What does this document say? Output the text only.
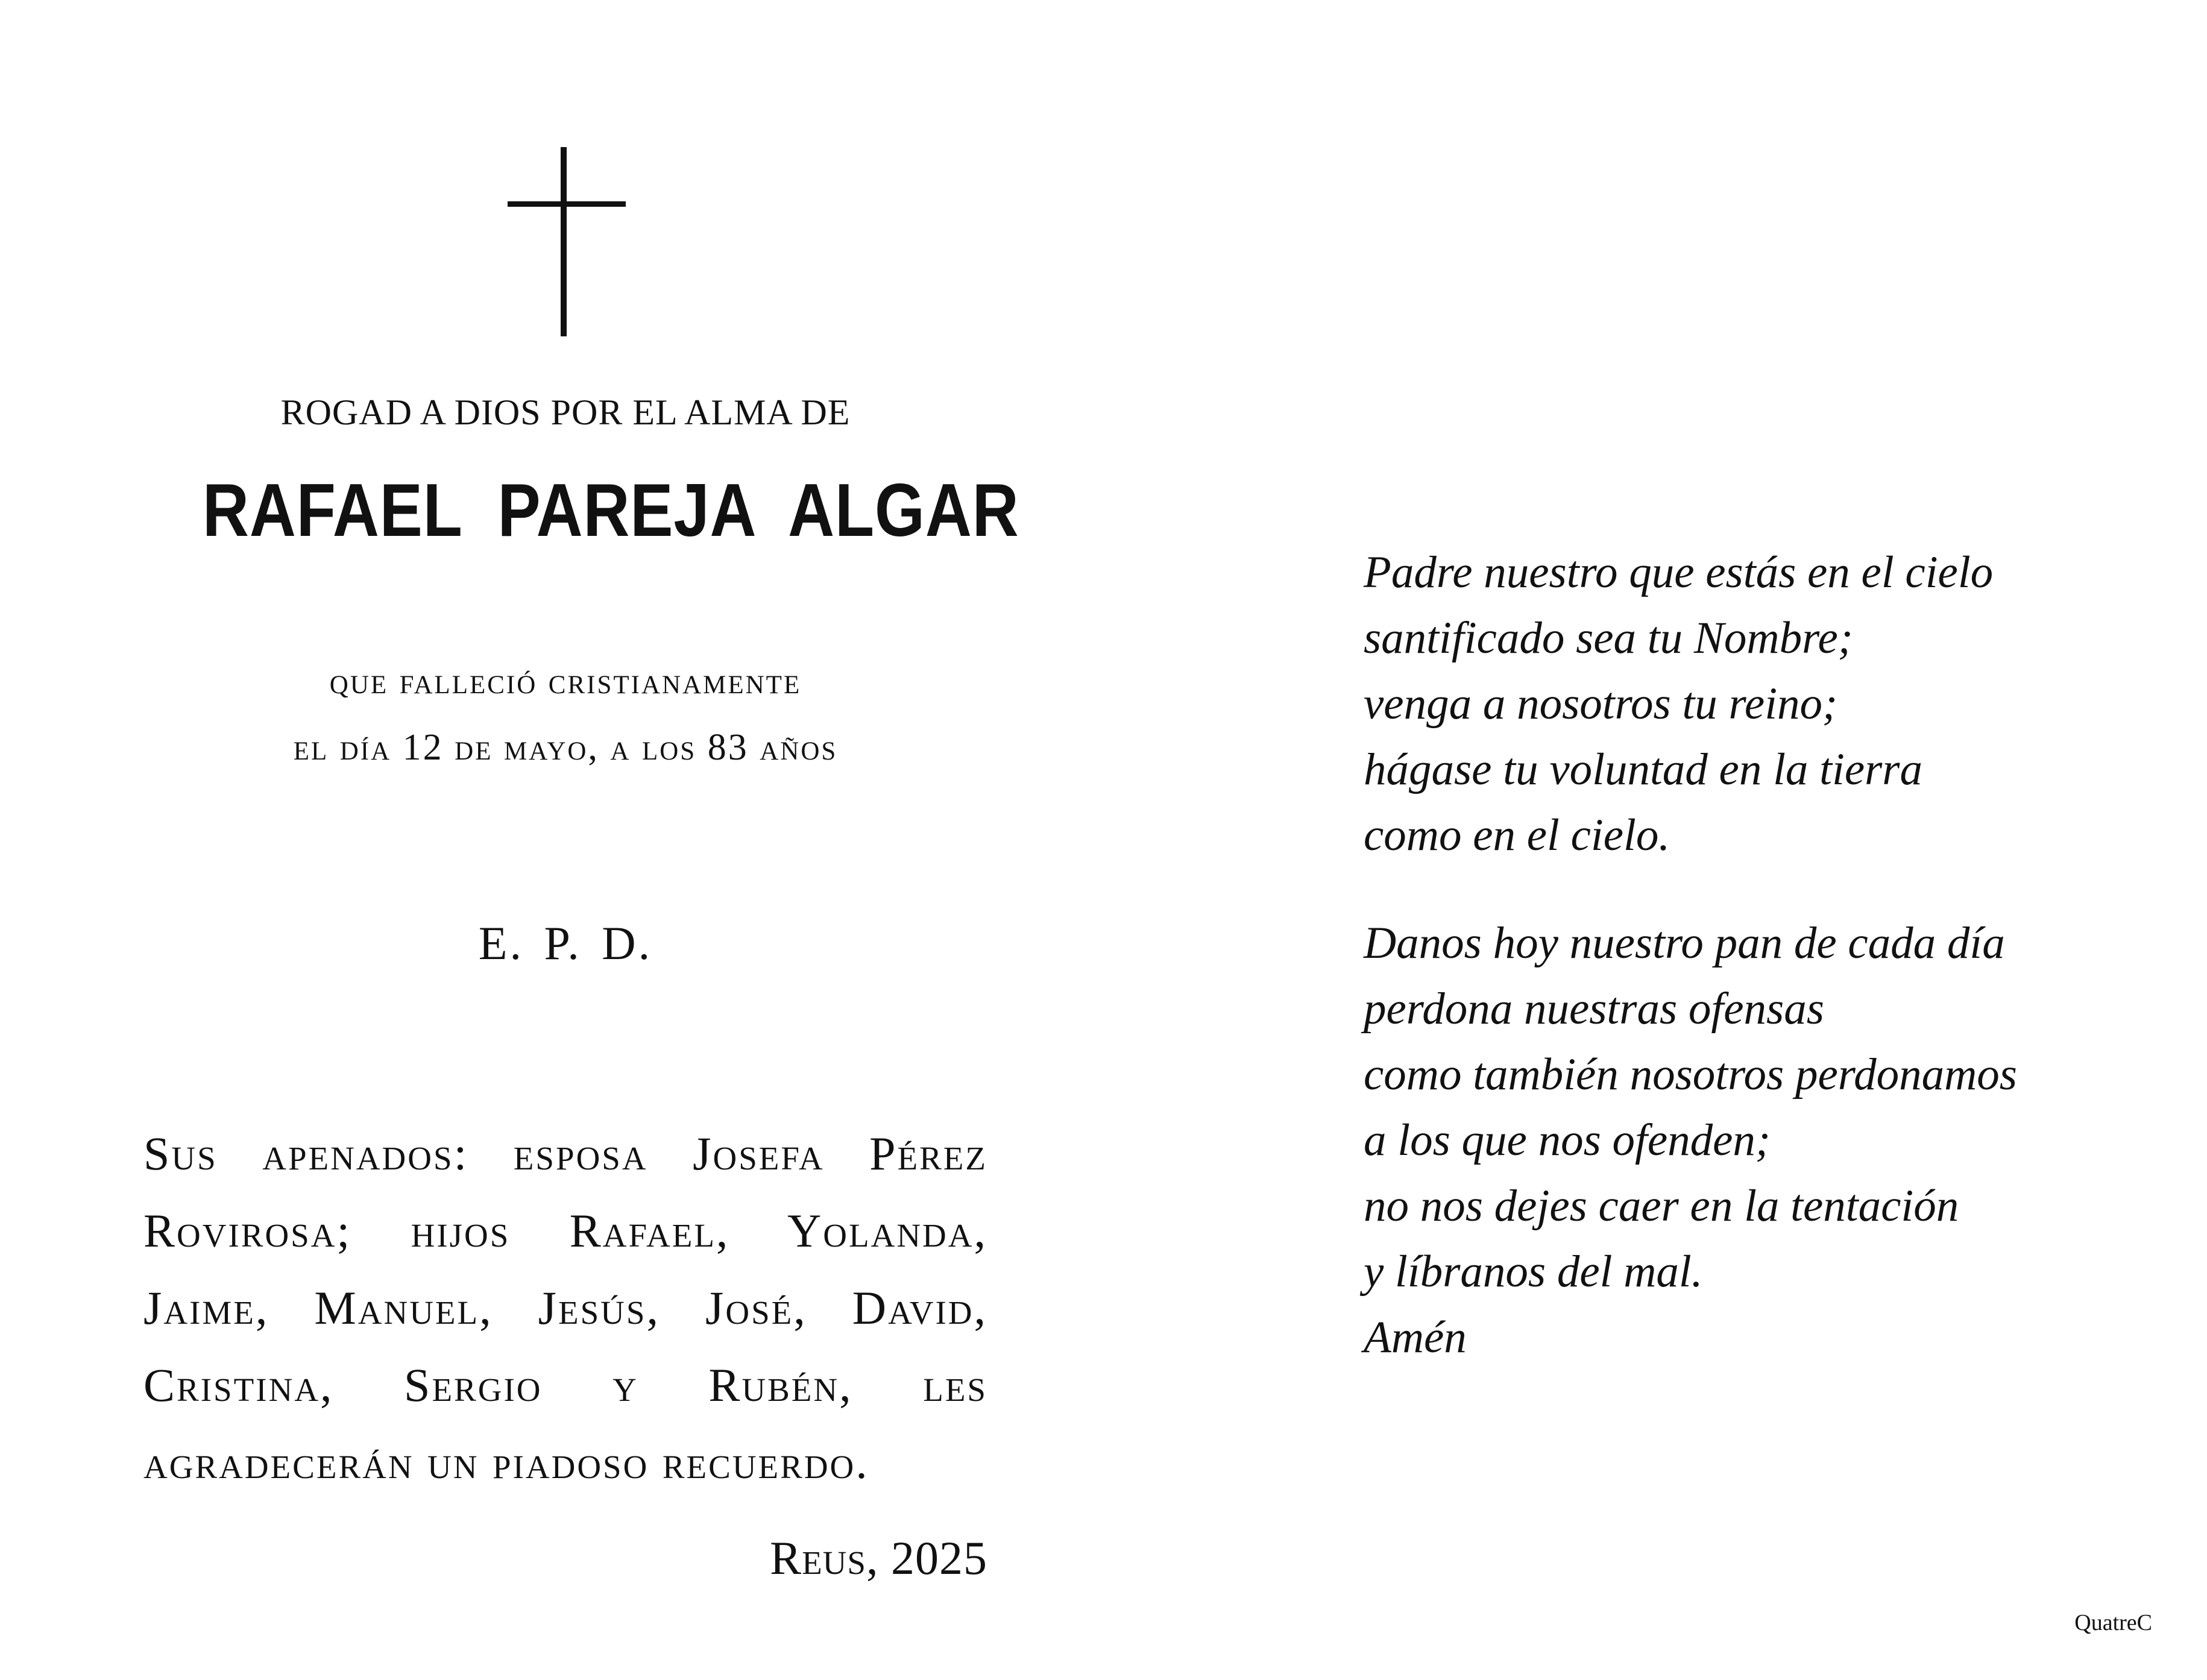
ROGAD A DIOS POR EL ALMA DE
RAFAEL PAREJA ALGAR
que falleció cristianamente
el día 12 de mayo, a los 83 años
E. P. D.
Sus apenados: esposa Josefa Pérez Rovirosa; hijos Rafael, Yolanda, Jaime, Manuel, Jesús, José, David, Cristina, Sergio y Rubén, les agradecerán un piadoso recuerdo.
Reus, 2025
Padre nuestro que estás en el cielo
santificado sea tu Nombre;
venga a nosotros tu reino;
hágase tu voluntad en la tierra
como en el cielo.
Danos hoy nuestro pan de cada día
perdona nuestras ofensas
como también nosotros perdonamos
a los que nos ofenden;
no nos dejes caer en la tentación
y líbranos del mal.
Amén
QuatreC
